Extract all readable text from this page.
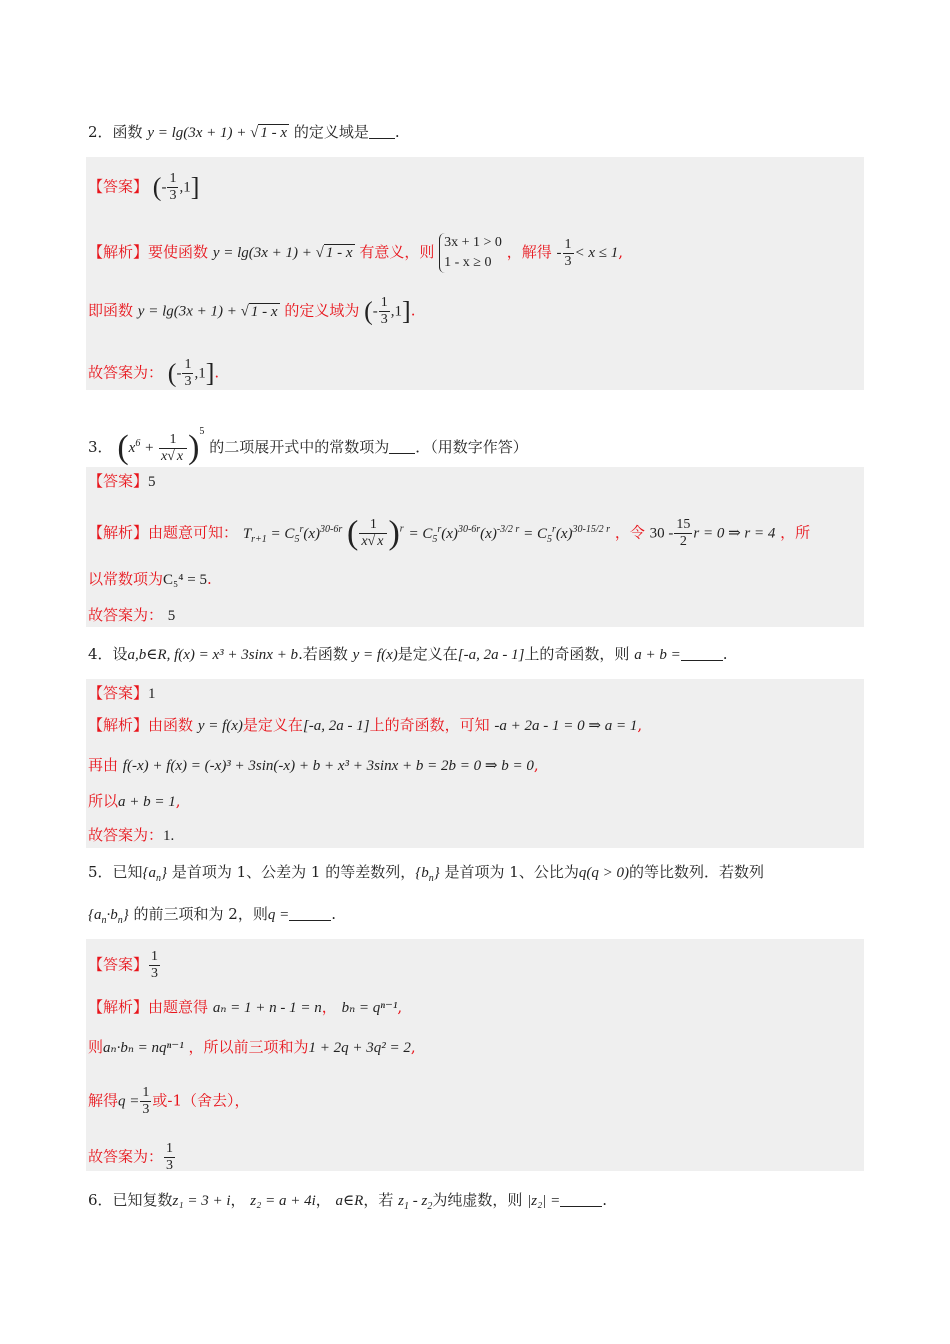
2．函数 y = lg(3x + 1) + √ 1 - x 的定义域是 .
【答案】 (- $\frac{1}{3} ,1$]
【解析】要使函数 y = lg(3x + 1) + √ 1 - x 有意义，则 3x + 1 > 0
1 - x ≥ 0 ，解得 - $\frac{1}{3} < x \le 1$,
即函数 y = lg(3x + 1) + √ 1 - x 的定义域为 (- $\frac{1}{3} ,1$].
故答案为： (- $\frac{1}{3} ,1$].
3． $(x^6 + \frac{1}{x√ x} )^5$ 的二项展开式中的常数项为 ．（用数字作答）
【答案】5
【解析】由题意可知： $T_{r+1} = C_5^r(x)^{30-6r}$ ( $\frac{1}{x√ x} )^r = C_5^r(x)^{30-6r}(x)^{-3/2 r} = C_5^r(x)^{30-15/2 r}$ ，令 $30 - \frac{15}{2}$ r = 0 ⇒ r = 4 ，所
以常数项为C₅⁴ = 5.
故答案为： 5
4．设a,b∈R, f(x) = x³ + 3sinx + b.若函数 y = f(x)是定义在[-a, 2a - 1]上的奇函数，则 a + b =	.
【答案】1
【解析】由函数 y = f(x)是定义在[-a, 2a - 1]上的奇函数，可知 -a + 2a - 1 = 0 ⇒ a = 1,
再由 f(-x) + f(x) = (-x)³ + 3sin(-x) + b + x³ + 3sinx + b = 2b = 0 ⇒ b = 0,
所以a + b = 1,
故答案为：1.
5．已知$\{a_n\}$ 是首项为 1、公差为 1 的等差数列，$\{b_n\}$ 是首项为 1、公比为q(q > 0)的等比数列．若数列
$\{a_n\cdot b_n\}$ 的前三项和为 2，则q =	.
【答案】 $\frac{1}{3}$
【解析】由题意得 aₙ = 1 + n - 1 = n， bₙ = qⁿ⁻¹,
则aₙ·bₙ = nqⁿ⁻¹ ，所以前三项和为1 + 2q + 3q² = 2,
解得$q = \frac{1}{3}$ 或-1（舍去），
故答案为： $\frac{1}{3}$
6．已知复数z₁ = 3 + i， z₂ = a + 4i， a∈R，若 $z_1 - z_2$为纯虚数，则 |z₂| =	.
